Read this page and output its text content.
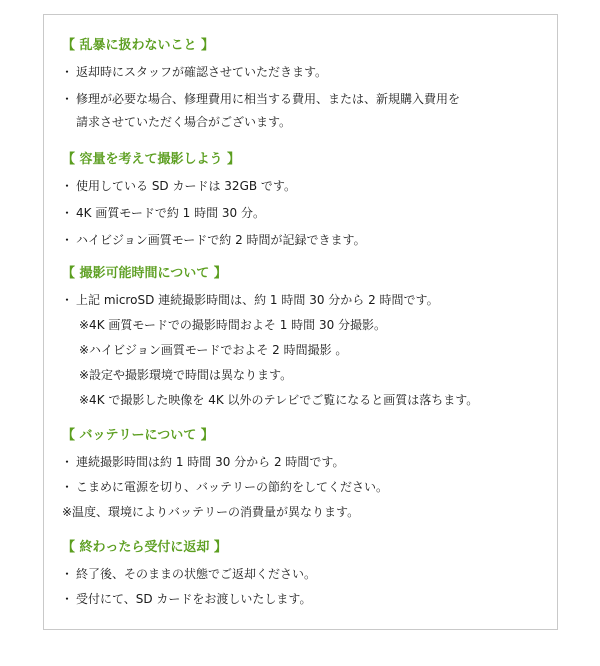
【 乱暴に扱わないこと 】
・ 返却時にスタッフが確認させていただきます。
・ 修理が必要な場合、修理費用に相当する費用、または、新規購入費用を
請求させていただく場合がございます。
【 容量を考えて撮影しよう 】
・ 使用している SD カードは 32GB です。
・ 4K 画質モードで約 1 時間 30 分。
・ ハイビジョン画質モードで約 2 時間が記録できます。
【 撮影可能時間について 】
・ 上記 microSD 連続撮影時間は、約 1 時間 30 分から 2 時間です。
※4K 画質モードでの撮影時間およそ 1 時間 30 分撮影。
※ハイビジョン画質モードでおよそ 2 時間撮影 。
※設定や撮影環境で時間は異なります。
※4K で撮影した映像を 4K 以外のテレビでご覧になると画質は落ちます。
【 バッテリーについて 】
・ 連続撮影時間は約 1 時間 30 分から 2 時間です。
・ こまめに電源を切り、バッテリーの節約をしてください。
※温度、環境によりバッテリーの消費量が異なります。
【 終わったら受付に返却 】
・ 終了後、そのままの状態でご返却ください。
・ 受付にて、SD カードをお渡しいたします。
